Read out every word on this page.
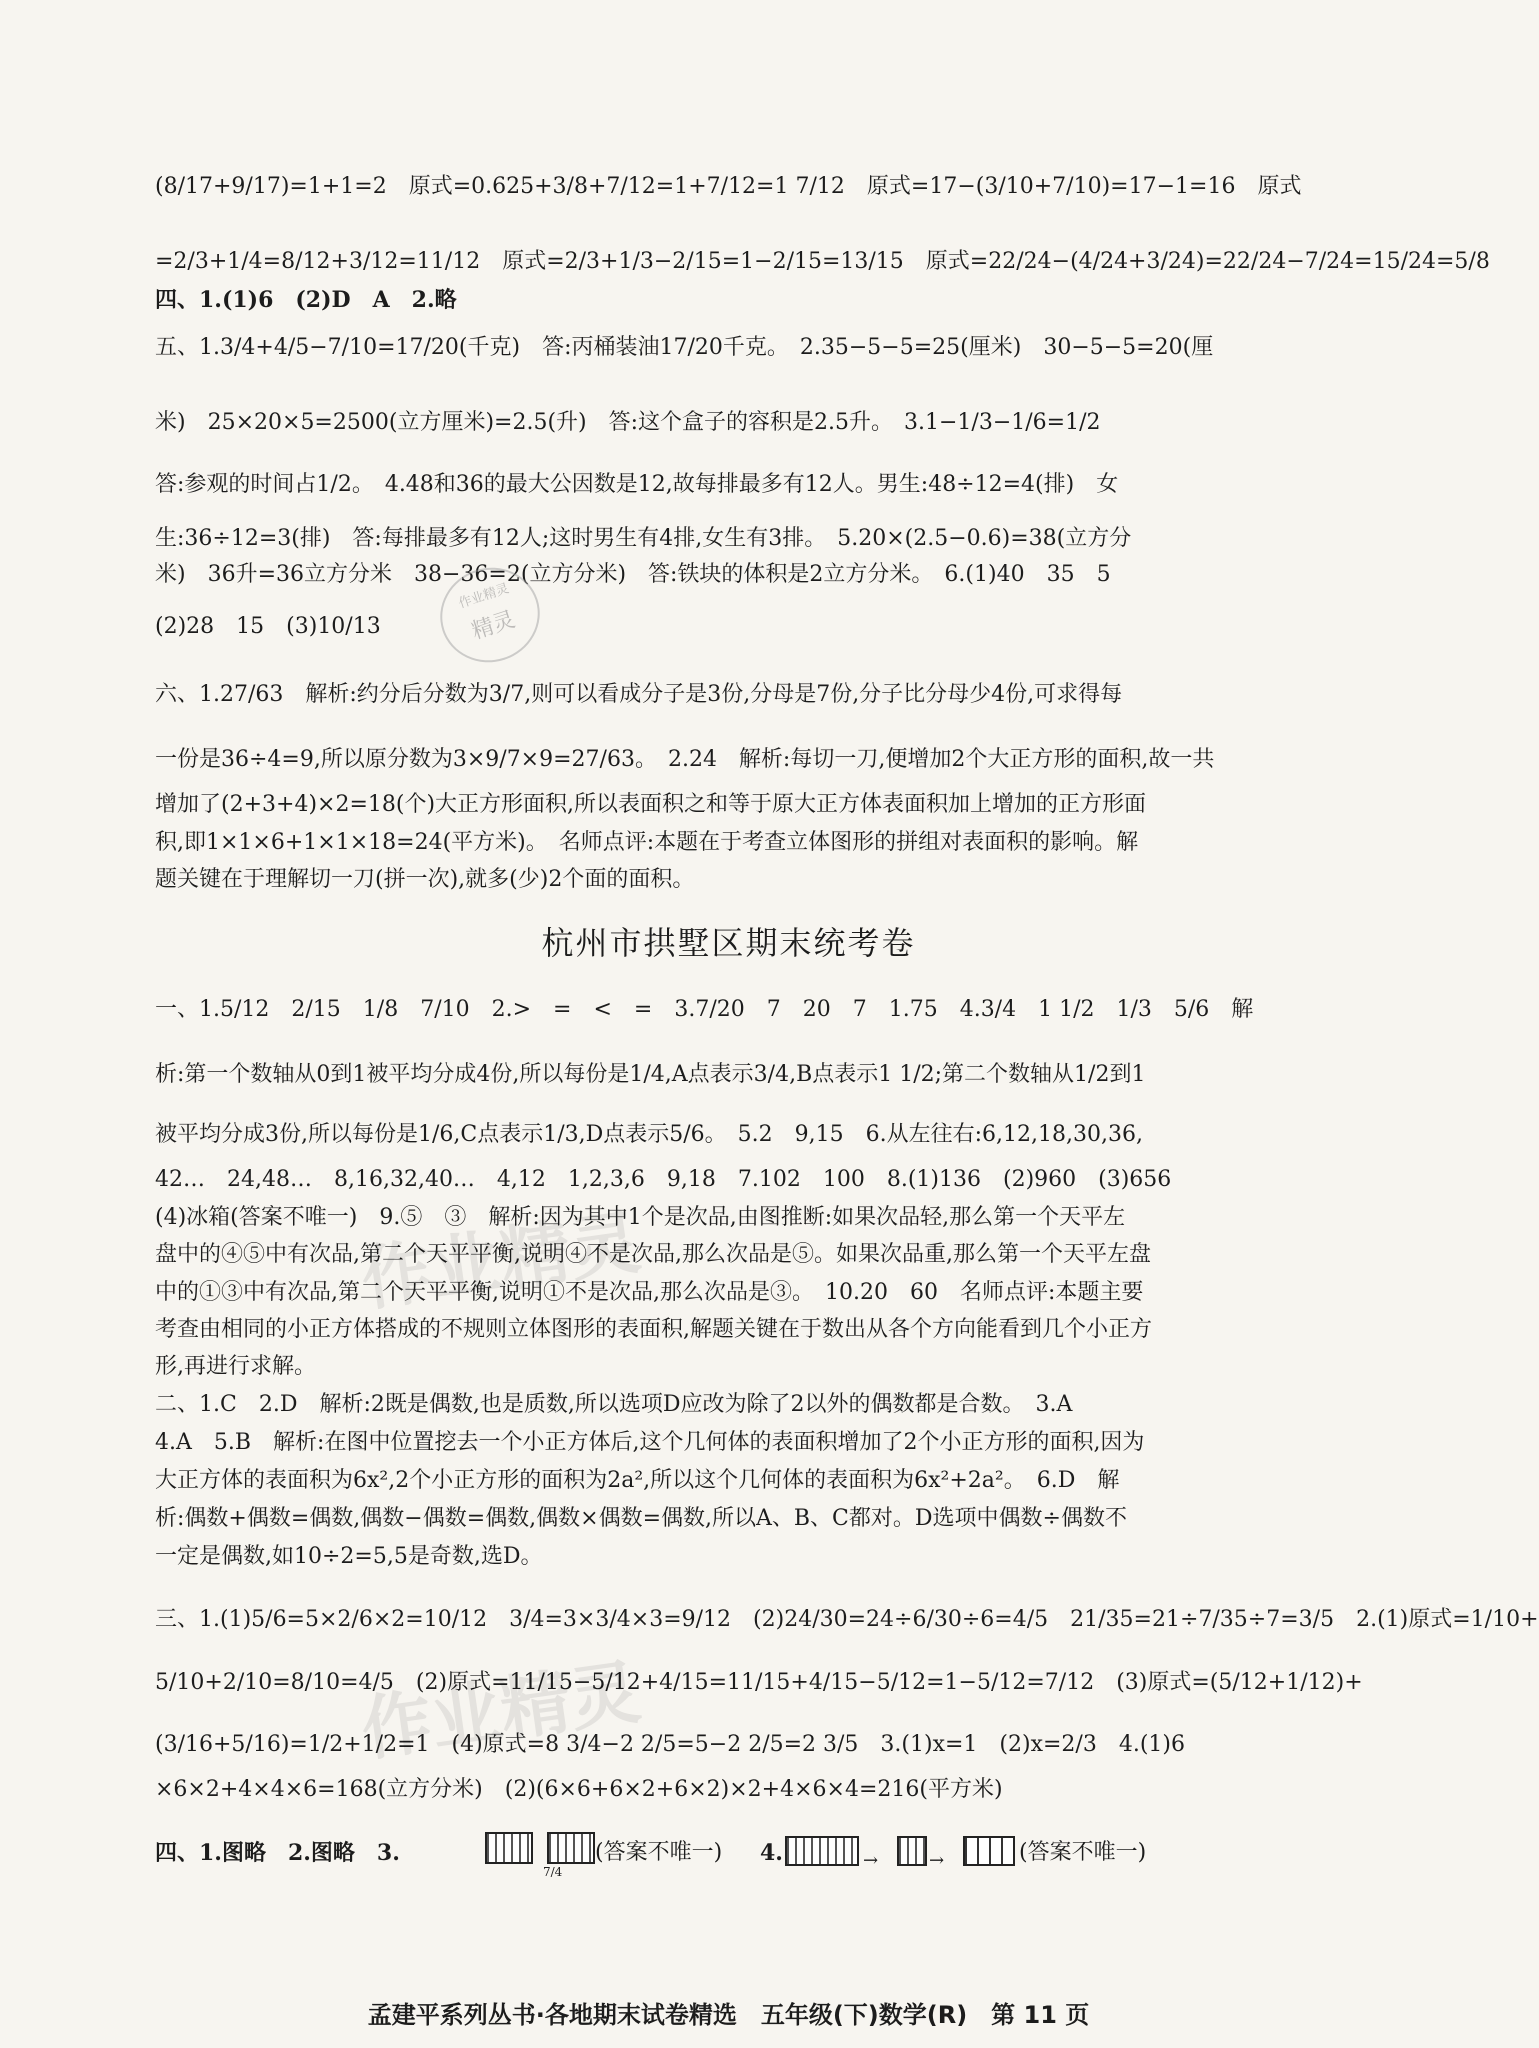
(8/17+9/17)=1+1=2　原式=0.625+3/8+7/12=1+7/12=1 7/12　原式=17−(3/10+7/10)=17−1=16　原式
=2/3+1/4=8/12+3/12=11/12　原式=2/3+1/3−2/15=1−2/15=13/15　原式=22/24−(4/24+3/24)=22/24−7/24=15/24=5/8
四、1.(1)6　(2)D　A　2.略
五、1.3/4+4/5−7/10=17/20(千克)　答:丙桶装油17/20千克。　2.35−5−5=25(厘米)　30−5−5=20(厘
米)　25×20×5=2500(立方厘米)=2.5(升)　答:这个盒子的容积是2.5升。　3.1−1/3−1/6=1/2
答:参观的时间占1/2。　4.48和36的最大公因数是12,故每排最多有12人。男生:48÷12=4(排)　女
生:36÷12=3(排)　答:每排最多有12人;这时男生有4排,女生有3排。　5.20×(2.5−0.6)=38(立方分
米)　36升=36立方分米　38−36=2(立方分米)　答:铁块的体积是2立方分米。　6.(1)40　35　5
(2)28　15　(3)10/13
六、1.27/63　解析:约分后分数为3/7,则可以看成分子是3份,分母是7份,分子比分母少4份,可求得每
一份是36÷4=9,所以原分数为3×9/7×9=27/63。　2.24　解析:每切一刀,便增加2个大正方形的面积,故一共
增加了(2+3+4)×2=18(个)大正方形面积,所以表面积之和等于原大正方体表面积加上增加的正方形面
积,即1×1×6+1×1×18=24(平方米)。　名师点评:本题在于考查立体图形的拼组对表面积的影响。解
题关键在于理解切一刀(拼一次),就多(少)2个面的面积。
作业精灵
精灵
杭州市拱墅区期末统考卷
一、1.5/12　2/15　1/8　7/10　2.>　=　<　=　3.7/20　7　20　7　1.75　4.3/4　1 1/2　1/3　5/6　解
析:第一个数轴从0到1被平均分成4份,所以每份是1/4,A点表示3/4,B点表示1 1/2;第二个数轴从1/2到1
被平均分成3份,所以每份是1/6,C点表示1/3,D点表示5/6。　5.2　9,15　6.从左往右:6,12,18,30,36,
42…　24,48…　8,16,32,40…　4,12　1,2,3,6　9,18　7.102　100　8.(1)136　(2)960　(3)656
(4)冰箱(答案不唯一)　9.⑤　③　解析:因为其中1个是次品,由图推断:如果次品轻,那么第一个天平左
盘中的④⑤中有次品,第二个天平平衡,说明④不是次品,那么次品是⑤。如果次品重,那么第一个天平左盘
中的①③中有次品,第二个天平平衡,说明①不是次品,那么次品是③。　10.20　60　名师点评:本题主要
考查由相同的小正方体搭成的不规则立体图形的表面积,解题关键在于数出从各个方向能看到几个小正方
形,再进行求解。
作业精灵
二、1.C　2.D　解析:2既是偶数,也是质数,所以选项D应改为除了2以外的偶数都是合数。　3.A
4.A　5.B　解析:在图中位置挖去一个小正方体后,这个几何体的表面积增加了2个小正方形的面积,因为
大正方体的表面积为6x²,2个小正方形的面积为2a²,所以这个几何体的表面积为6x²+2a²。　6.D　解
析:偶数+偶数=偶数,偶数−偶数=偶数,偶数×偶数=偶数,所以A、B、C都对。D选项中偶数÷偶数不
一定是偶数,如10÷2=5,5是奇数,选D。
三、1.(1)5/6=5×2/6×2=10/12　3/4=3×3/4×3=9/12　(2)24/30=24÷6/30÷6=4/5　21/35=21÷7/35÷7=3/5　2.(1)原式=1/10+
5/10+2/10=8/10=4/5　(2)原式=11/15−5/12+4/15=11/15+4/15−5/12=1−5/12=7/12　(3)原式=(5/12+1/12)+
(3/16+5/16)=1/2+1/2=1　(4)原式=8 3/4−2 2/5=5−2 2/5=2 3/5　3.(1)x=1　(2)x=2/3　4.(1)6
×6×2+4×4×6=168(立方分米)　(2)(6×6+6×2+6×2)×2+4×6×4=216(平方米)
作业精灵
四、1.图略　2.图略　3.
7/4
(答案不唯一) 4.	→	→	(答案不唯一)
孟建平系列丛书·各地期末试卷精选　五年级(下)数学(R)　第 11 页
